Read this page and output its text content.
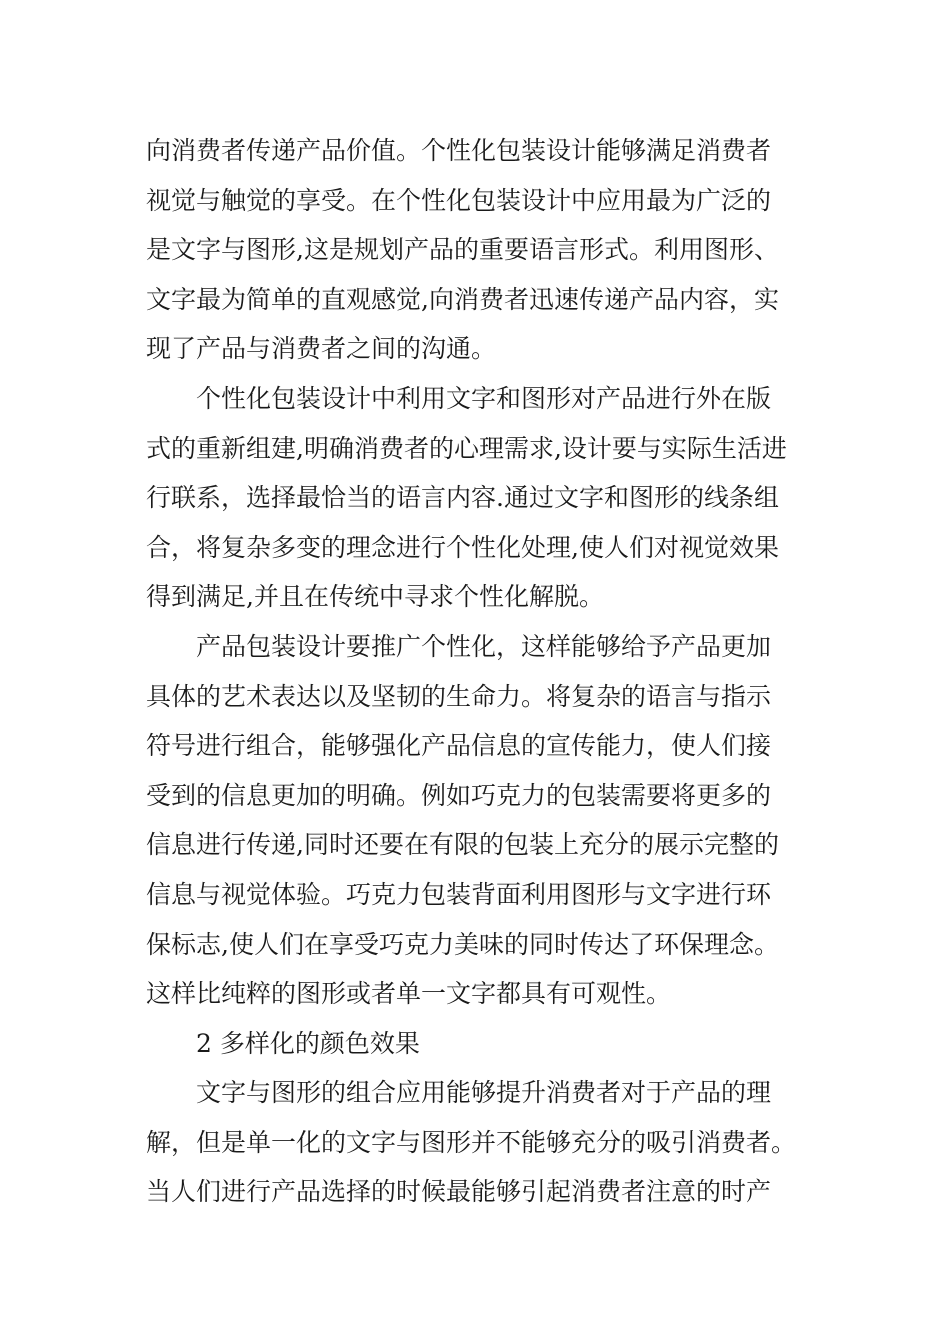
向消费者传递产品价值。个性化包装设计能够满足消费者
视觉与触觉的享受。在个性化包装设计中应用最为广泛的
是文字与图形,这是规划产品的重要语言形式。利用图形、
文字最为简单的直观感觉,向消费者迅速传递产品内容，实
现了产品与消费者之间的沟通。
个性化包装设计中利用文字和图形对产品进行外在版
式的重新组建,明确消费者的心理需求,设计要与实际生活进
行联系，选择最恰当的语言内容.通过文字和图形的线条组
合，将复杂多变的理念进行个性化处理,使人们对视觉效果
得到满足,并且在传统中寻求个性化解脱。
产品包装设计要推广个性化，这样能够给予产品更加
具体的艺术表达以及坚韧的生命力。将复杂的语言与指示
符号进行组合，能够强化产品信息的宣传能力，使人们接
受到的信息更加的明确。例如巧克力的包装需要将更多的
信息进行传递,同时还要在有限的包装上充分的展示完整的
信息与视觉体验。巧克力包装背面利用图形与文字进行环
保标志,使人们在享受巧克力美味的同时传达了环保理念。
这样比纯粹的图形或者单一文字都具有可观性。
2 多样化的颜色效果
文字与图形的组合应用能够提升消费者对于产品的理
解，但是单一化的文字与图形并不能够充分的吸引消费者。
当人们进行产品选择的时候最能够引起消费者注意的时产
